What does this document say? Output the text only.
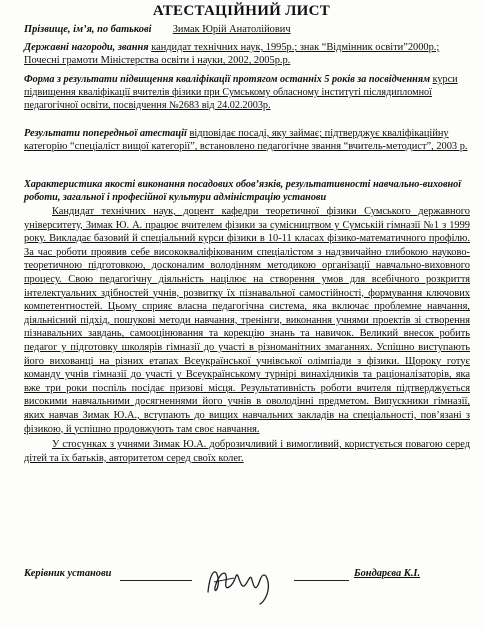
АТЕСТАЦІЙНИЙ ЛИСТ
Прізвище, ім’я, по батькові Зимак Юрій Анатолійович
Державні нагороди, звання кандидат технічних наук, 1995р.; знак “Відмінник освіти”2000р.; Почесні грамоти Міністерства освіти і науки, 2002, 2005р.р.
Форма з результати підвищення кваліфікації протягом останніх 5 років за посвідченням курси підвищення кваліфікації вчителів фізики при Сумському обласному інституті післядипломної педагогічної освіти, посвідчення №2683 від 24.02.2003р.
Результати попередньої атестації відповідає посаді, яку займає; підтверджує кваліфікаційну категорію “спеціаліст вищої категорії”, встановлено педагогічне звання “вчитель-методист”, 2003 р.
Характеристика якості виконання посадових обов’язків, результативності навчально-виховної роботи, загальної і професійної культури адміністрацію установи

Кандидат технічних наук, доцент кафедри теоретичної фізики Сумського державного університету, Зимак Ю. А. працює вчителем фізики за сумісництвом у Сумській гімназії №1 з 1999 року. Викладає базовий й спеціальний курси фізики в 10-11 класах фізико-математичного профілю. За час роботи проявив себе висококваліфікованим спеціалістом з надзвичайно глибокою науково-теоретичною підготовкою, досконалим володінням методикою організації навчально-виховного процесу. Свою педагогічну діяльність націлює на створення умов для всебічного розкриття інтелектуальних здібностей учнів, розвитку їх пізнавальної самостійності, формування ключових компетентностей. Цьому сприяє власна педагогічна система, яка включає проблемне навчання, діяльнісний підхід, пошукові методи навчання, тренінги, виконання учнями проектів зі створення пізнавальних завдань, самооцінювання та корекцію знань та навичок. Великий внесок робить педагог у підготовку школярів гімназії до участі в різноманітних змаганнях. Успішно виступають його вихованці на різних етапах Всеукраїнської учнівської олімпіади з фізики. Щороку готує команду учнів гімназії до участі у Всеукраїнському турнірі винахідників та раціоналізаторів, яка вже три роки поспіль посідає призові місця. Результативність роботи вчителя підтверджується високими навчальними досягненнями його учнів в оволодінні предметом. Випускники гімназії, яких навчав Зимак Ю.А., вступають до вищих навчальних закладів на спеціальності, пов’язані з фізикою, й успішно продовжують там своє навчання.

У стосунках з учнями Зимак Ю.А. доброзичливий і вимогливий, користується повагою серед дітей та їх батьків, авторитетом серед своїх колег.

Керівник установи	Бондарєва К.І.
